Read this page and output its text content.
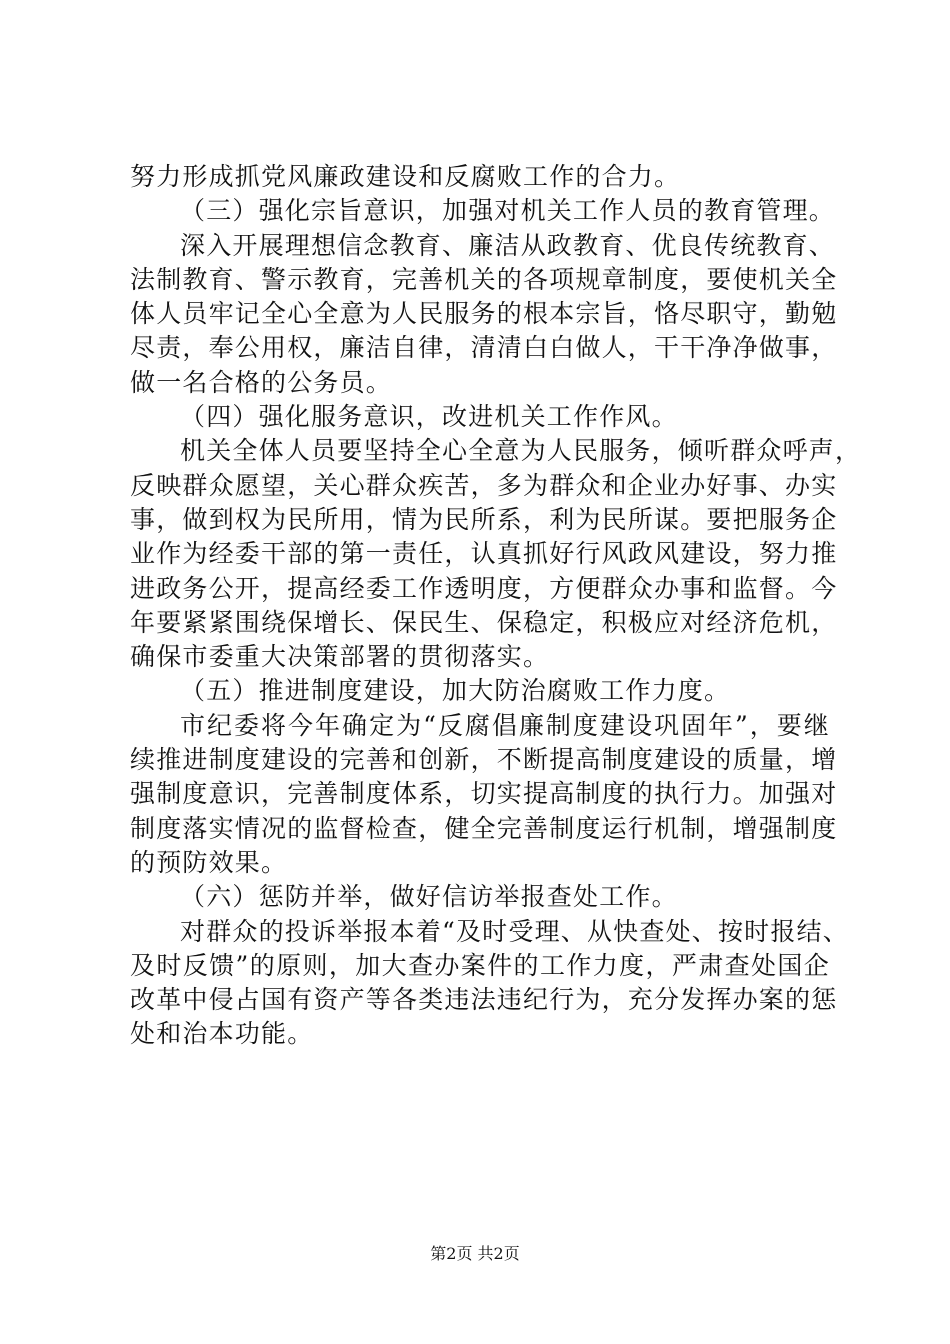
努力形成抓党风廉政建设和反腐败工作的合力。
（三）强化宗旨意识，加强对机关工作人员的教育管理。
深入开展理想信念教育、廉洁从政教育、优良传统教育、
法制教育、警示教育，完善机关的各项规章制度，要使机关全
体人员牢记全心全意为人民服务的根本宗旨，恪尽职守，勤勉
尽责，奉公用权，廉洁自律，清清白白做人，干干净净做事，
做一名合格的公务员。
（四）强化服务意识，改进机关工作作风。
机关全体人员要坚持全心全意为人民服务，倾听群众呼声，
反映群众愿望，关心群众疾苦，多为群众和企业办好事、办实
事，做到权为民所用，情为民所系，利为民所谋。要把服务企
业作为经委干部的第一责任，认真抓好行风政风建设，努力推
进政务公开，提高经委工作透明度，方便群众办事和监督。今
年要紧紧围绕保增长、保民生、保稳定，积极应对经济危机，
确保市委重大决策部署的贯彻落实。
（五）推进制度建设，加大防治腐败工作力度。
市纪委将今年确定为“反腐倡廉制度建设巩固年”，要继
续推进制度建设的完善和创新，不断提高制度建设的质量，增
强制度意识，完善制度体系，切实提高制度的执行力。加强对
制度落实情况的监督检查，健全完善制度运行机制，增强制度
的预防效果。
（六）惩防并举，做好信访举报查处工作。
对群众的投诉举报本着“及时受理、从快查处、按时报结、
及时反馈”的原则，加大查办案件的工作力度，严肃查处国企
改革中侵占国有资产等各类违法违纪行为，充分发挥办案的惩
处和治本功能。
第2页 共2页
